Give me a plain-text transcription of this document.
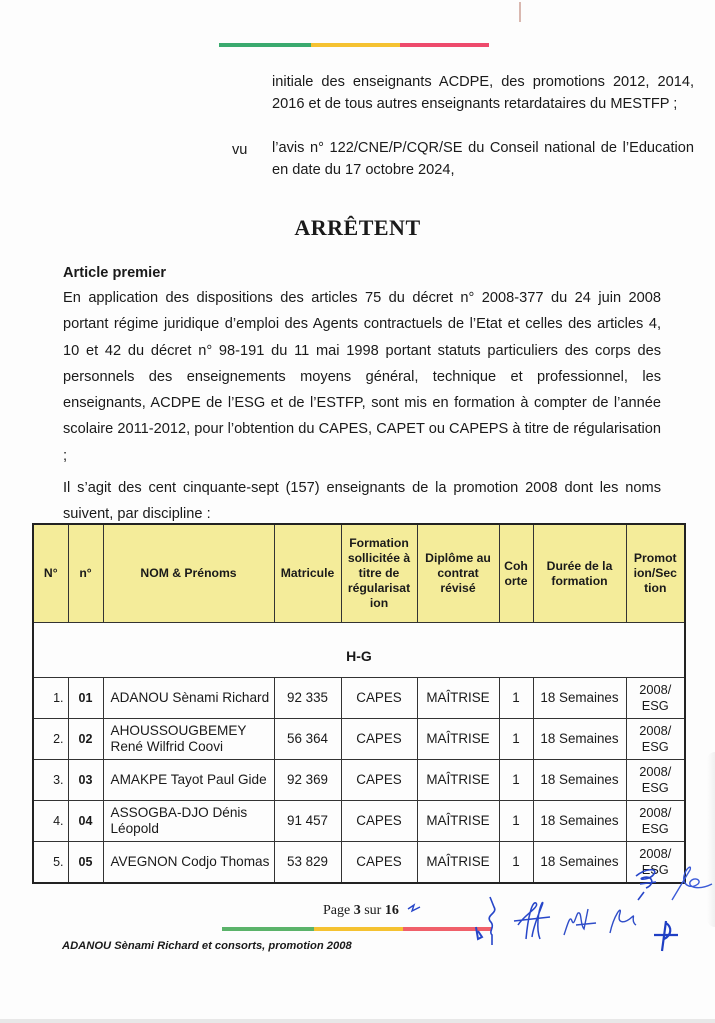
initiale des enseignants ACDPE, des promotions 2012, 2014, 2016 et de tous autres enseignants retardataires du MESTFP ;
vu l’avis n° 122/CNE/P/CQR/SE du Conseil national de l’Education en date du 17 octobre 2024,
ARRÊTENT
Article premier

En application des dispositions des articles 75 du décret n° 2008-377 du 24 juin 2008 portant régime juridique d’emploi des Agents contractuels de l’Etat et celles des articles 4, 10 et 42 du décret n° 98-191 du 11 mai 1998 portant statuts particuliers des corps des personnels des enseignements moyens général, technique et professionnel, les enseignants, ACDPE de l’ESG et de l’ESTFP, sont mis en formation à compter de l’année scolaire 2011-2012, pour l’obtention du CAPES, CAPET ou CAPEPS à titre de régularisation ;

Il s’agit des cent cinquante-sept (157) enseignants de la promotion 2008 dont les noms suivent, par discipline :

N°	n°	NOM & Prénoms	Matricule	Formation sollicitée à titre de régularisat ion	Diplôme au contrat révisé	Coh orte	Durée de la formation	Promot ion/Sec tion
H-G								
1.	01	ADANOU Sènami Richard	92 335	CAPES	MAÎTRISE	1	18 Semaines	2008/ ESG
2.	02	AHOUSSOUGBEMEY René Wilfrid Coovi	56 364	CAPES	MAÎTRISE	1	18 Semaines	2008/ ESG
3.	03	AMAKPE Tayot Paul Gide	92 369	CAPES	MAÎTRISE	1	18 Semaines	2008/ ESG
4.	04	ASSOGBA-DJO Dénis Léopold	91 457	CAPES	MAÎTRISE	1	18 Semaines	2008/ ESG
5.	05	AVEGNON Codjo Thomas	53 829	CAPES	MAÎTRISE	1	18 Semaines	2008/ ESG
Page 3 sur 16
ADANOU Sènami Richard et consorts, promotion 2008
